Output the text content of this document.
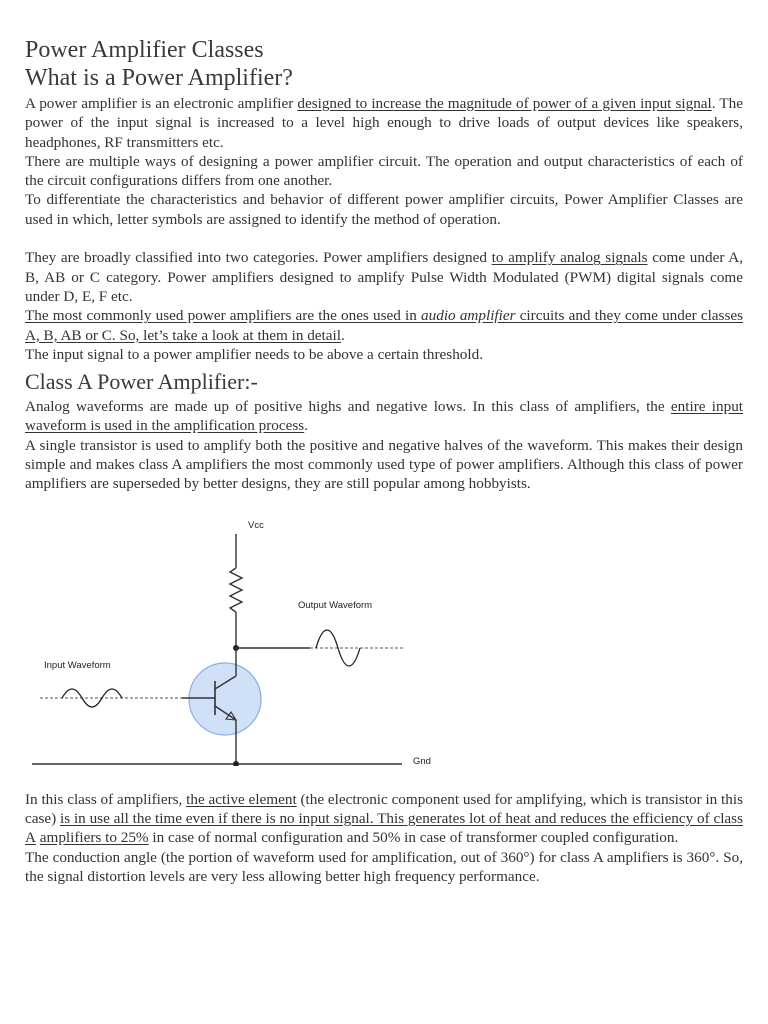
Power Amplifier Classes
What is a Power Amplifier?

A power amplifier is an electronic amplifier designed to increase the magnitude of power of a given input signal. The power of the input signal is increased to a level high enough to drive loads of output devices like speakers, headphones, RF transmitters etc.

There are multiple ways of designing a power amplifier circuit. The operation and output characteristics of each of the circuit configurations differs from one another.

To differentiate the characteristics and behavior of different power amplifier circuits, Power Amplifier Classes are used in which, letter symbols are assigned to identify the method of operation.

They are broadly classified into two categories. Power amplifiers designed to amplify analog signals come under A, B, AB or C category. Power amplifiers designed to amplify Pulse Width Modulated (PWM) digital signals come under D, E, F etc.

The most commonly used power amplifiers are the ones used in audio amplifier circuits and they come under classes A, B, AB or C. So, let’s take a look at them in detail.

The input signal to a power amplifier needs to be above a certain threshold.

Class A Power Amplifier:-

Analog waveforms are made up of positive highs and negative lows. In this class of amplifiers, the entire input waveform is used in the amplification process.

A single transistor is used to amplify both the positive and negative halves of the waveform. This makes their design simple and makes class A amplifiers the most commonly used type of power amplifiers. Although this class of power amplifiers are superseded by better designs, they are still popular among hobbyists.

Vcc
Output Waveform
Input Waveform
Gnd

In this class of amplifiers, the active element (the electronic component used for amplifying, which is transistor in this case) is in use all the time even if there is no input signal. This generates lot of heat and reduces the efficiency of class A amplifiers to 25% in case of normal configuration and 50% in case of transformer coupled configuration.

The conduction angle (the portion of waveform used for amplification, out of 360°) for class A amplifiers is 360°. So, the signal distortion levels are very less allowing better high frequency performance.
